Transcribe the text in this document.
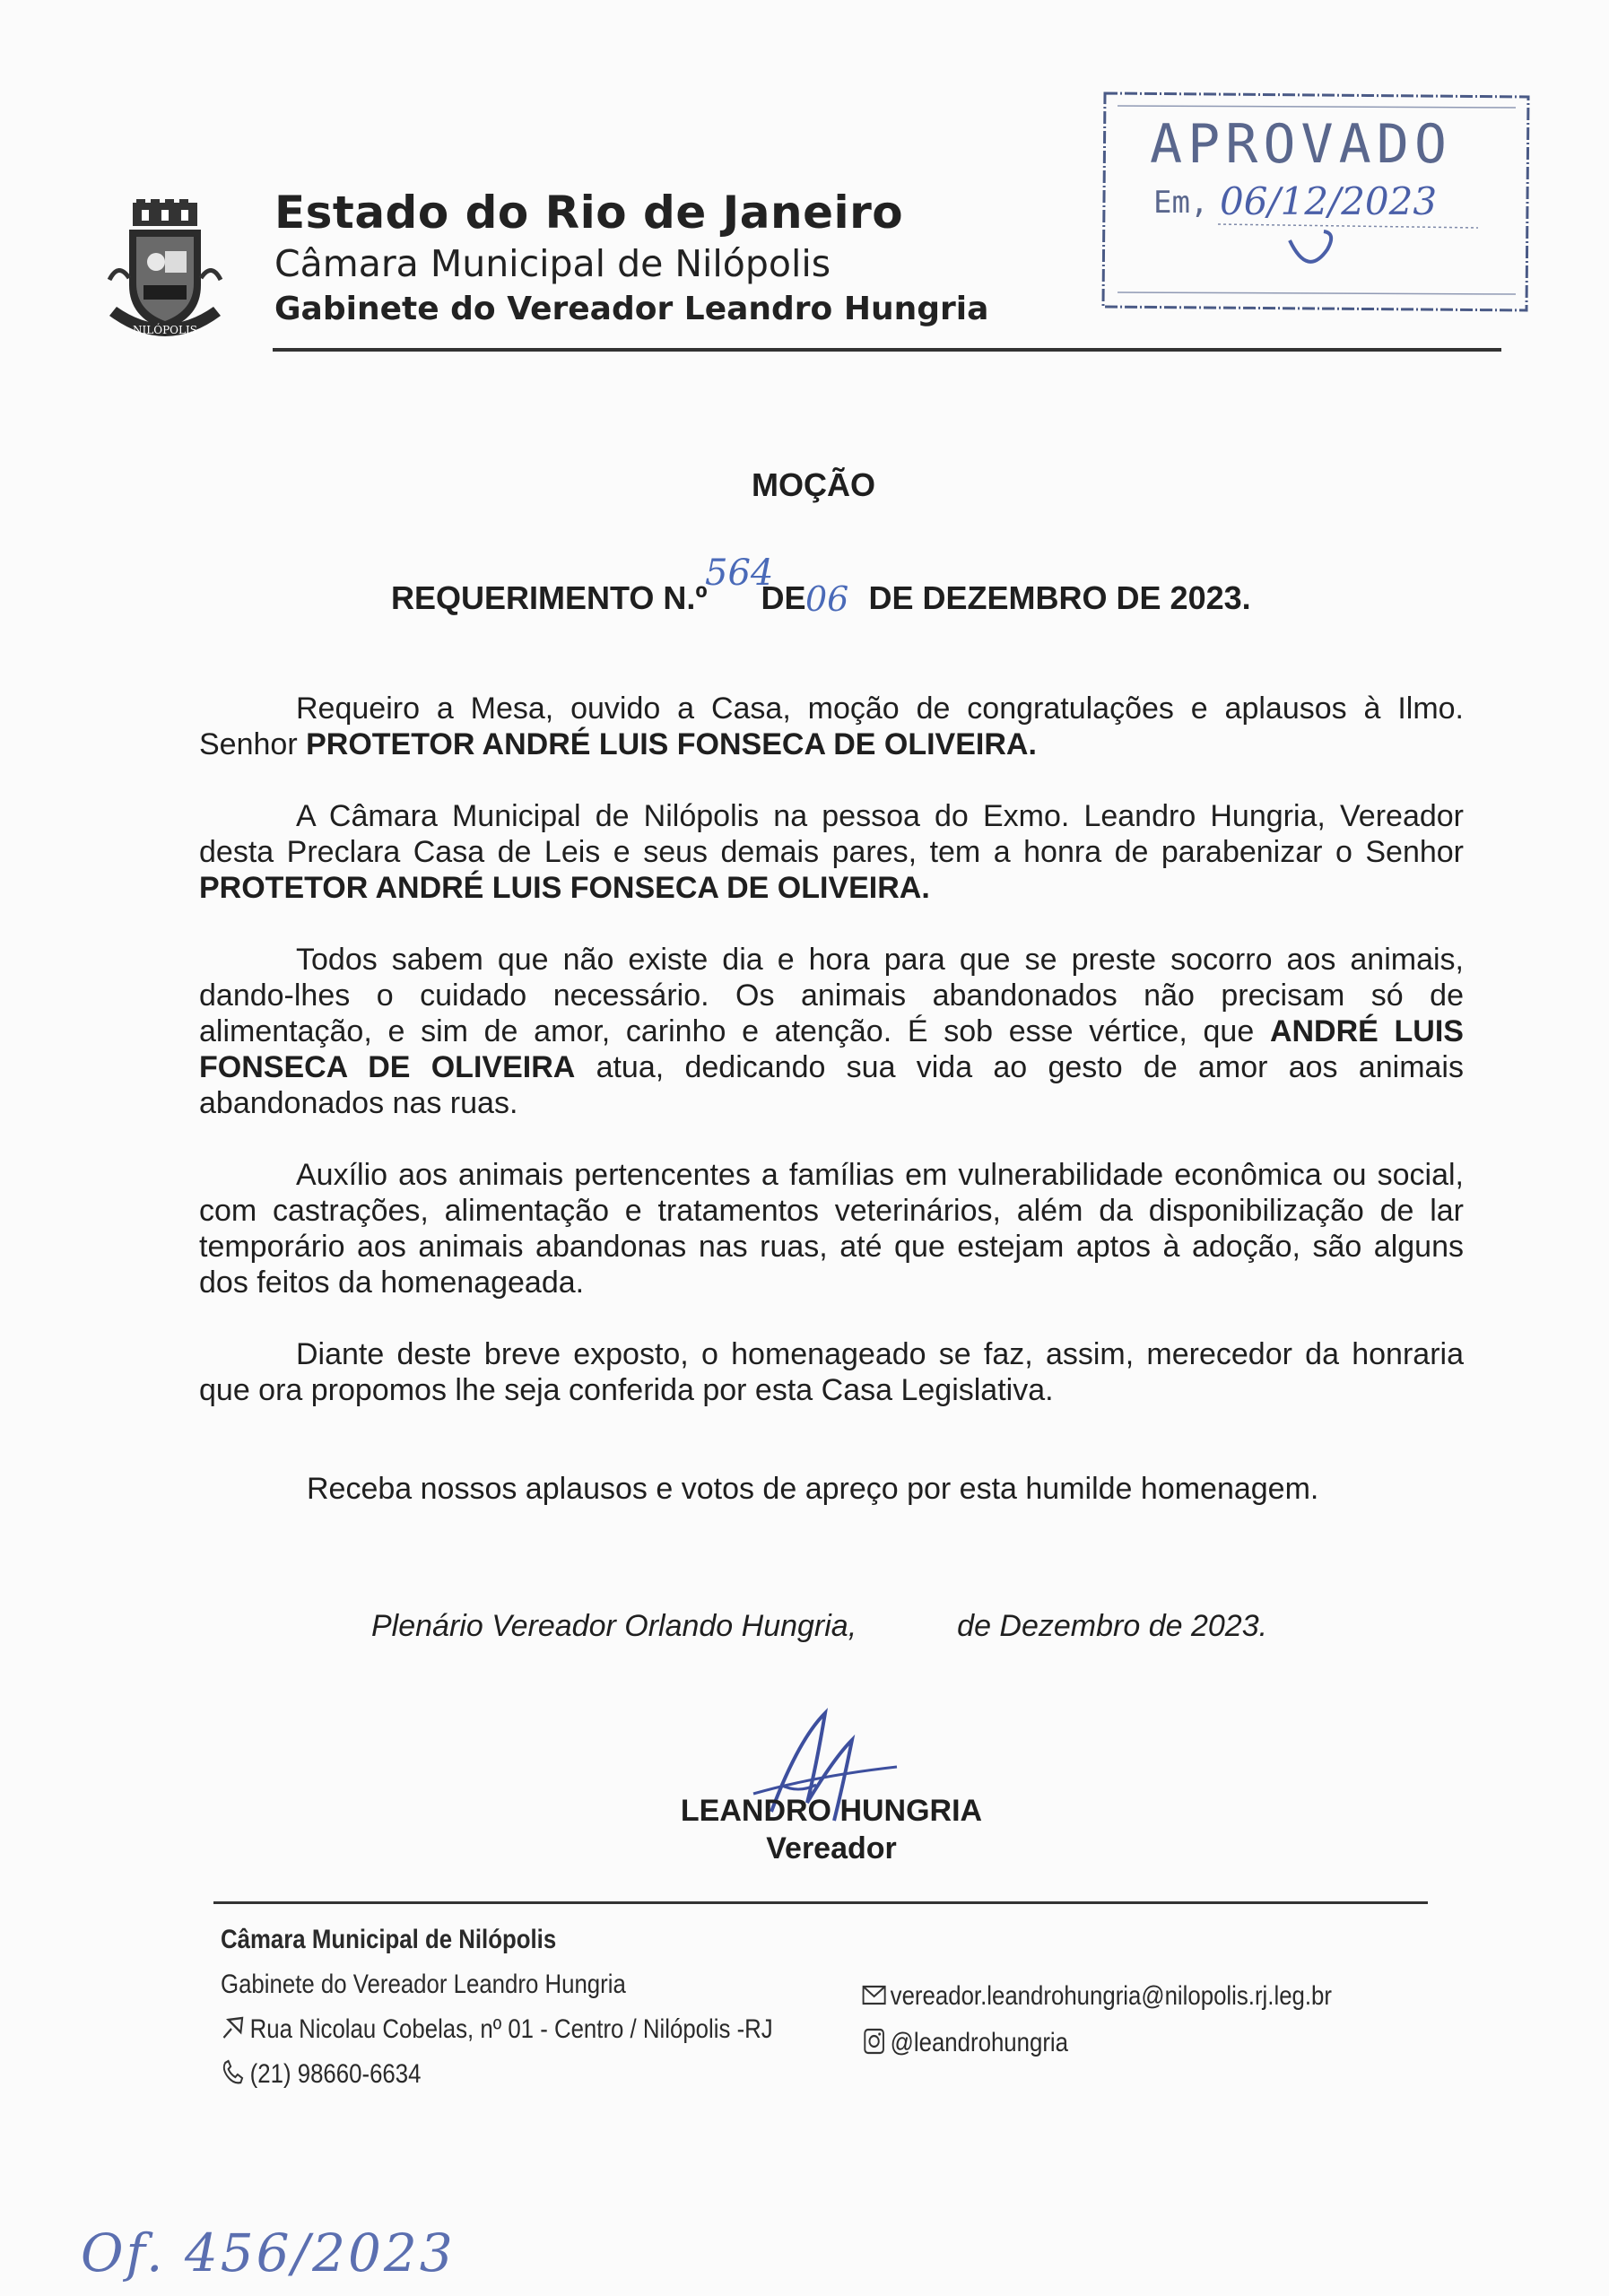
NILÓPOLIS
Estado do Rio de Janeiro
Câmara Municipal de Nilópolis
Gabinete do Vereador Leandro Hungria
APROVADO
Em, 06/12/2023
MOÇÃO
REQUERIMENTO N.º DE DE DEZEMBRO DE 2023.
564
06

Requeiro a Mesa, ouvido a Casa, moção de congratulações e aplausos à Ilmo. Senhor PROTETOR ANDRÉ LUIS FONSECA DE OLIVEIRA.

A Câmara Municipal de Nilópolis na pessoa do Exmo. Leandro Hungria, Vereador desta Preclara Casa de Leis e seus demais pares, tem a honra de parabenizar o Senhor PROTETOR ANDRÉ LUIS FONSECA DE OLIVEIRA.

Todos sabem que não existe dia e hora para que se preste socorro aos animais, dando-lhes o cuidado necessário. Os animais abandonados não precisam só de alimentação, e sim de amor, carinho e atenção. É sob esse vértice, que ANDRÉ LUIS FONSECA DE OLIVEIRA atua, dedicando sua vida ao gesto de amor aos animais abandonados nas ruas.

Auxílio aos animais pertencentes a famílias em vulnerabilidade econômica ou social, com castrações, alimentação e tratamentos veterinários, além da disponibilização de lar temporário aos animais abandonas nas ruas, até que estejam aptos à adoção, são alguns dos feitos da homenageada.

Diante deste breve exposto, o homenageado se faz, assim, merecedor da honraria que ora propomos lhe seja conferida por esta Casa Legislativa.

Receba nossos aplausos e votos de apreço por esta humilde homenagem.

Plenário Vereador Orlando Hungria,	de Dezembro de 2023.
LEANDRO HUNGRIA
Vereador
Câmara Municipal de Nilópolis
Gabinete do Vereador Leandro Hungria
Rua Nicolau Cobelas, nº 01 - Centro / Nilópolis -RJ
(21) 98660-6634
vereador.leandrohungria@nilopolis.rj.leg.br
@leandrohungria
Of. 456/2023
